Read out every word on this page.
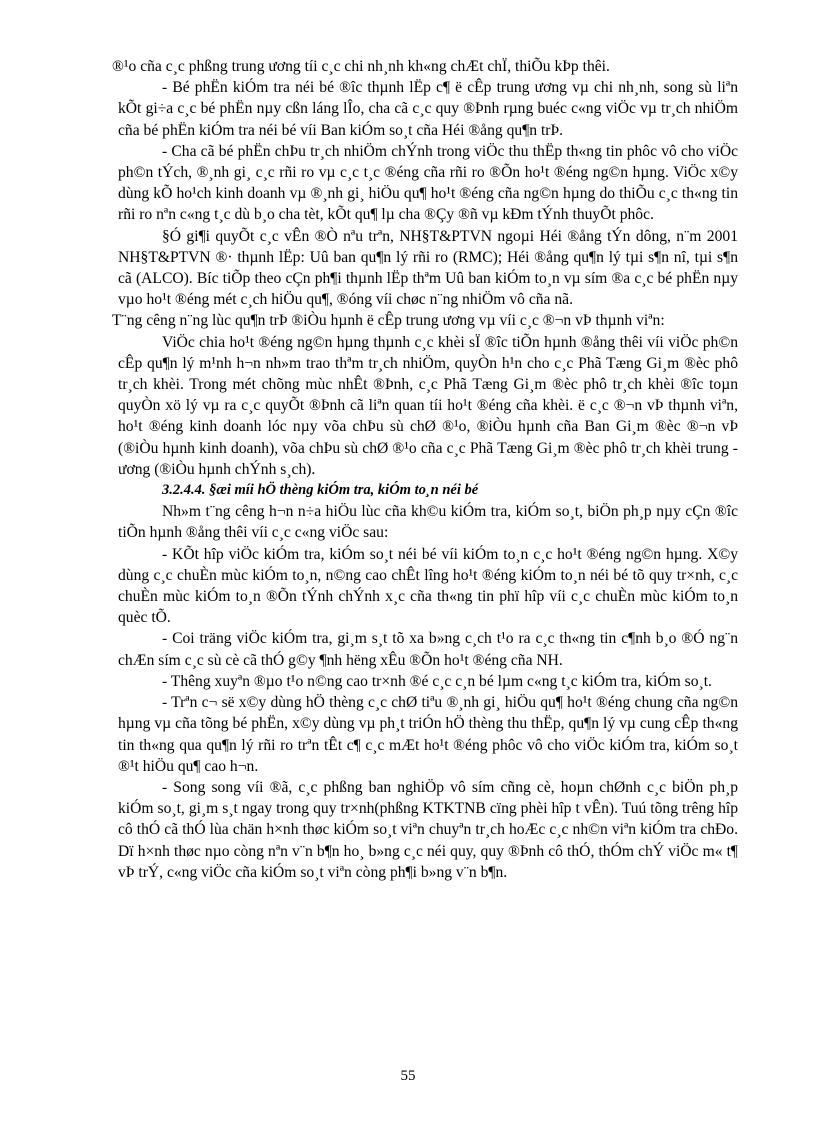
®¹o cña c¸c phßng trung ương tíi c¸c chi nh¸nh kh«ng chÆt chÏ, thiÕu kÞp thêi.

- Bé phËn kiÓm tra néi bé ®îc thµnh lËp c¶ ë cÊp trung ương vµ chi nh¸nh, song sù liªn kÕt gi÷a c¸c bé phËn nµy cßn láng lÎo, cha cã c¸c quy ®Þnh rµng buéc c«ng viÖc vµ tr¸ch nhiÖm cña bé phËn kiÓm tra néi bé víi Ban kiÓm so¸t cña Héi ®ång qu¶n trÞ.

- Cha cã bé phËn chÞu tr¸ch nhiÖm chÝnh trong viÖc thu thËp th«ng tin phôc vô cho viÖc ph©n tÝch, ®¸nh gi¸ c¸c rñi ro vµ c¸c t¸c ®éng cña rñi ro ®Õn ho¹t ®éng ng©n hµng. ViÖc x©y dùng kÕ ho¹ch kinh doanh vµ ®¸nh gi¸ hiÖu qu¶ ho¹t ®éng cña ng©n hµng do thiÕu c¸c th«ng tin rñi ro nªn c«ng t¸c dù b¸o cha tèt, kÕt qu¶ lµ cha ®Çy ®ñ vµ kÐm tÝnh thuyÕt phôc.

§Ó gi¶i quyÕt c¸c vÊn ®Ò nªu trªn, NH§T&PTVN ngoµi Héi ®ång tÝn dông, n¨m 2001 NH§T&PTVN ®· thµnh lËp: Uû ban qu¶n lý rñi ro (RMC); Héi ®ång qu¶n lý tµi s¶n nî, tµi s¶n cã (ALCO). Bíc tiÕp theo cÇn ph¶i thµnh lËp thªm Uû ban kiÓm to¸n vµ sím ®a c¸c bé phËn nµy vµo ho¹t ®éng mét c¸ch hiÖu qu¶, ®óng víi chøc n¨ng nhiÖm vô cña nã.

T¨ng cêng n¨ng lùc qu¶n trÞ ®iÒu hµnh ë cÊp trung ương vµ víi c¸c ®¬n vÞ thµnh viªn:

ViÖc chia ho¹t ®éng ng©n hµng thµnh c¸c khèi sÏ ®îc tiÕn hµnh ®ång thêi víi viÖc ph©n cÊp qu¶n lý m¹nh h¬n nh»m trao thªm tr¸ch nhiÖm, quyÒn h¹n cho c¸c Phã Tæng Gi¸m ®èc phô tr¸ch khèi. Trong mét chõng mùc nhÊt ®Þnh, c¸c Phã Tæng Gi¸m ®èc phô tr¸ch khèi ®îc toµn quyÒn xö lý vµ ra c¸c quyÕt ®Þnh cã liªn quan tíi ho¹t ®éng cña khèi. ë c¸c ®¬n vÞ thµnh viªn, ho¹t ®éng kinh doanh lóc nµy võa chÞu sù chØ ®¹o, ®iÒu hµnh cña Ban Gi¸m ®èc ®¬n vÞ (®iÒu hµnh kinh doanh), võa chÞu sù chØ ®¹o cña c¸c Phã Tæng Gi¸m ®èc phô tr¸ch khèi trung ương (®iÒu hµnh chÝnh s¸ch).

3.2.4.4. §æi míi hÖ thèng kiÓm tra, kiÓm to¸n néi bé

Nh»m t¨ng cêng h¬n n÷a hiÖu lùc cña kh©u kiÓm tra, kiÓm so¸t, biÖn ph¸p nµy cÇn ®îc tiÕn hµnh ®ång thêi víi c¸c c«ng viÖc sau:

- KÕt hîp viÖc kiÓm tra, kiÓm so¸t néi bé víi kiÓm to¸n c¸c ho¹t ®éng ng©n hµng. X©y dùng c¸c chuÈn mùc kiÓm to¸n, n©ng cao chÊt lîng ho¹t ®éng kiÓm to¸n néi bé tõ quy tr×nh, c¸c chuÈn mùc kiÓm to¸n ®Õn tÝnh chÝnh x¸c cña th«ng tin phï hîp víi c¸c chuÈn mùc kiÓm to¸n quèc tÕ.

- Coi träng viÖc kiÓm tra, gi¸m s¸t tõ xa b»ng c¸ch t¹o ra c¸c th«ng tin c¶nh b¸o ®Ó ng¨n chÆn sím c¸c sù cè cã thÓ g©y ¶nh hëng xÊu ®Õn ho¹t ®éng cña NH.

- Thêng xuyªn ®µo t¹o n©ng cao tr×nh ®é c¸c c¸n bé lµm c«ng t¸c kiÓm tra, kiÓm so¸t.

- Trªn c¬ së x©y dùng hÖ thèng c¸c chØ tiªu ®¸nh gi¸ hiÖu qu¶ ho¹t ®éng chung cña ng©n hµng vµ cña tõng bé phËn, x©y dùng vµ ph¸t triÓn hÖ thèng thu thËp, qu¶n lý vµ cung cÊp th«ng tin th«ng qua qu¶n lý rñi ro trªn tÊt c¶ c¸c mÆt ho¹t ®éng phôc vô cho viÖc kiÓm tra, kiÓm so¸t ®¹t hiÖu qu¶ cao h¬n.

- Song song víi ®ã, c¸c phßng ban nghiÖp vô sím cñng cè, hoµn chØnh c¸c biÖn ph¸p kiÓm so¸t, gi¸m s¸t ngay trong quy tr×nh(phßng KTKTNB cïng phèi hîp t vÊn). Tuú tõng trêng hîp cô thÓ cã thÓ lùa chän h×nh thøc kiÓm so¸t viªn chuyªn tr¸ch hoÆc c¸c nh©n viªn kiÓm tra chÐo. Dï h×nh thøc nµo còng nªn v¨n b¶n ho¸ b»ng c¸c néi quy, quy ®Þnh cô thÓ, thÓm chÝ viÖc m« t¶ vÞ trÝ, c«ng viÖc cña kiÓm so¸t viªn còng ph¶i b»ng v¨n b¶n.

55
